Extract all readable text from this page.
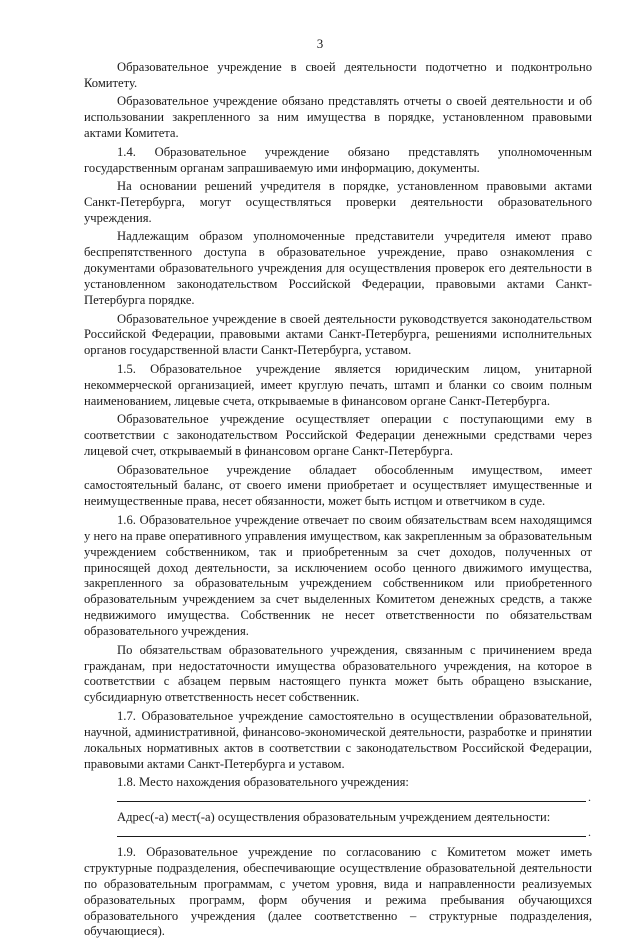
3

Образовательное учреждение в своей деятельности подотчетно и подконтрольно Комитету.

Образовательное учреждение обязано представлять отчеты о своей деятельности и об использовании закрепленного за ним имущества в порядке, установленном правовыми актами Комитета.

1.4. Образовательное учреждение обязано представлять уполномоченным государственным органам запрашиваемую ими информацию, документы.

На основании решений учредителя в порядке, установленном правовыми актами Санкт-Петербурга, могут осуществляться проверки деятельности образовательного учреждения.

Надлежащим образом уполномоченные представители учредителя имеют право беспрепятственного доступа в образовательное учреждение, право ознакомления с документами образовательного учреждения для осуществления проверок его деятельности в установленном законодательством Российской Федерации, правовыми актами Санкт-Петербурга порядке.

Образовательное учреждение в своей деятельности руководствуется законодательством Российской Федерации, правовыми актами Санкт-Петербурга, решениями исполнительных органов государственной власти Санкт-Петербурга, уставом.

1.5. Образовательное учреждение является юридическим лицом, унитарной некоммерческой организацией, имеет круглую печать, штамп и бланки со своим полным наименованием, лицевые счета, открываемые в финансовом органе Санкт-Петербурга.

Образовательное учреждение осуществляет операции с поступающими ему в соответствии с законодательством Российской Федерации денежными средствами через лицевой счет, открываемый в финансовом органе Санкт-Петербурга.

Образовательное учреждение обладает обособленным имуществом, имеет самостоятельный баланс, от своего имени приобретает и осуществляет имущественные и неимущественные права, несет обязанности, может быть истцом и ответчиком в суде.

1.6. Образовательное учреждение отвечает по своим обязательствам всем находящимся у него на праве оперативного управления имуществом, как закрепленным за образовательным учреждением собственником, так и приобретенным за счет доходов, полученных от приносящей доход деятельности, за исключением особо ценного движимого имущества, закрепленного за образовательным учреждением собственником или приобретенного образовательным учреждением за счет выделенных Комитетом денежных средств, а также недвижимого имущества. Собственник не несет ответственности по обязательствам образовательного учреждения.

По обязательствам образовательного учреждения, связанным с причинением вреда гражданам, при недостаточности имущества образовательного учреждения, на которое в соответствии с абзацем первым настоящего пункта может быть обращено взыскание, субсидиарную ответственность несет собственник.

1.7. Образовательное учреждение самостоятельно в осуществлении образовательной, научной, административной, финансово-экономической деятельности, разработке и принятии локальных нормативных актов в соответствии с законодательством Российской Федерации, правовыми актами Санкт-Петербурга и уставом.

1.8. Место нахождения образовательного учреждения:

.

Адрес(-а) мест(-а) осуществления образовательным учреждением деятельности:

.

1.9. Образовательное учреждение по согласованию с Комитетом может иметь структурные подразделения, обеспечивающие осуществление образовательной деятельности по образовательным программам, с учетом уровня, вида и направленности реализуемых образовательных программ, форм обучения и режима пребывания обучающихся образовательного учреждения (далее соответственно – структурные подразделения, обучающиеся).
